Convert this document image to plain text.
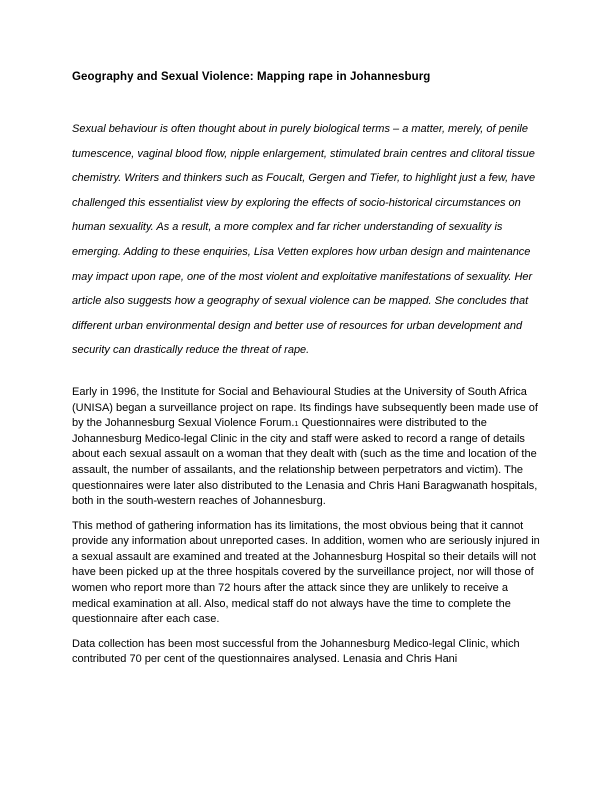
Geography and Sexual Violence: Mapping rape in Johannesburg

Sexual behaviour is often thought about in purely biological terms – a matter, merely, of penile tumescence, vaginal blood flow, nipple enlargement, stimulated brain centres and clitoral tissue chemistry. Writers and thinkers such as Foucalt, Gergen and Tiefer, to highlight just a few, have challenged this essentialist view by exploring the effects of socio-historical circumstances on human sexuality. As a result, a more complex and far richer understanding of sexuality is emerging. Adding to these enquiries, Lisa Vetten explores how urban design and maintenance may impact upon rape, one of the most violent and exploitative manifestations of sexuality. Her article also suggests how a geography of sexual violence can be mapped. She concludes that different urban environmental design and better use of resources for urban development and security can drastically reduce the threat of rape.

Early in 1996, the Institute for Social and Behavioural Studies at the University of South Africa (UNISA) began a surveillance project on rape. Its findings have subsequently been made use of by the Johannesburg Sexual Violence Forum.1 Questionnaires were distributed to the Johannesburg Medico-legal Clinic in the city and staff were asked to record a range of details about each sexual assault on a woman that they dealt with (such as the time and location of the assault, the number of assailants, and the relationship between perpetrators and victim). The questionnaires were later also distributed to the Lenasia and Chris Hani Baragwanath hospitals, both in the south-western reaches of Johannesburg.

This method of gathering information has its limitations, the most obvious being that it cannot provide any information about unreported cases. In addition, women who are seriously injured in a sexual assault are examined and treated at the Johannesburg Hospital so their details will not have been picked up at the three hospitals covered by the surveillance project, nor will those of women who report more than 72 hours after the attack since they are unlikely to receive a medical examination at all. Also, medical staff do not always have the time to complete the questionnaire after each case.

Data collection has been most successful from the Johannesburg Medico-legal Clinic, which contributed 70 per cent of the questionnaires analysed. Lenasia and Chris Hani
